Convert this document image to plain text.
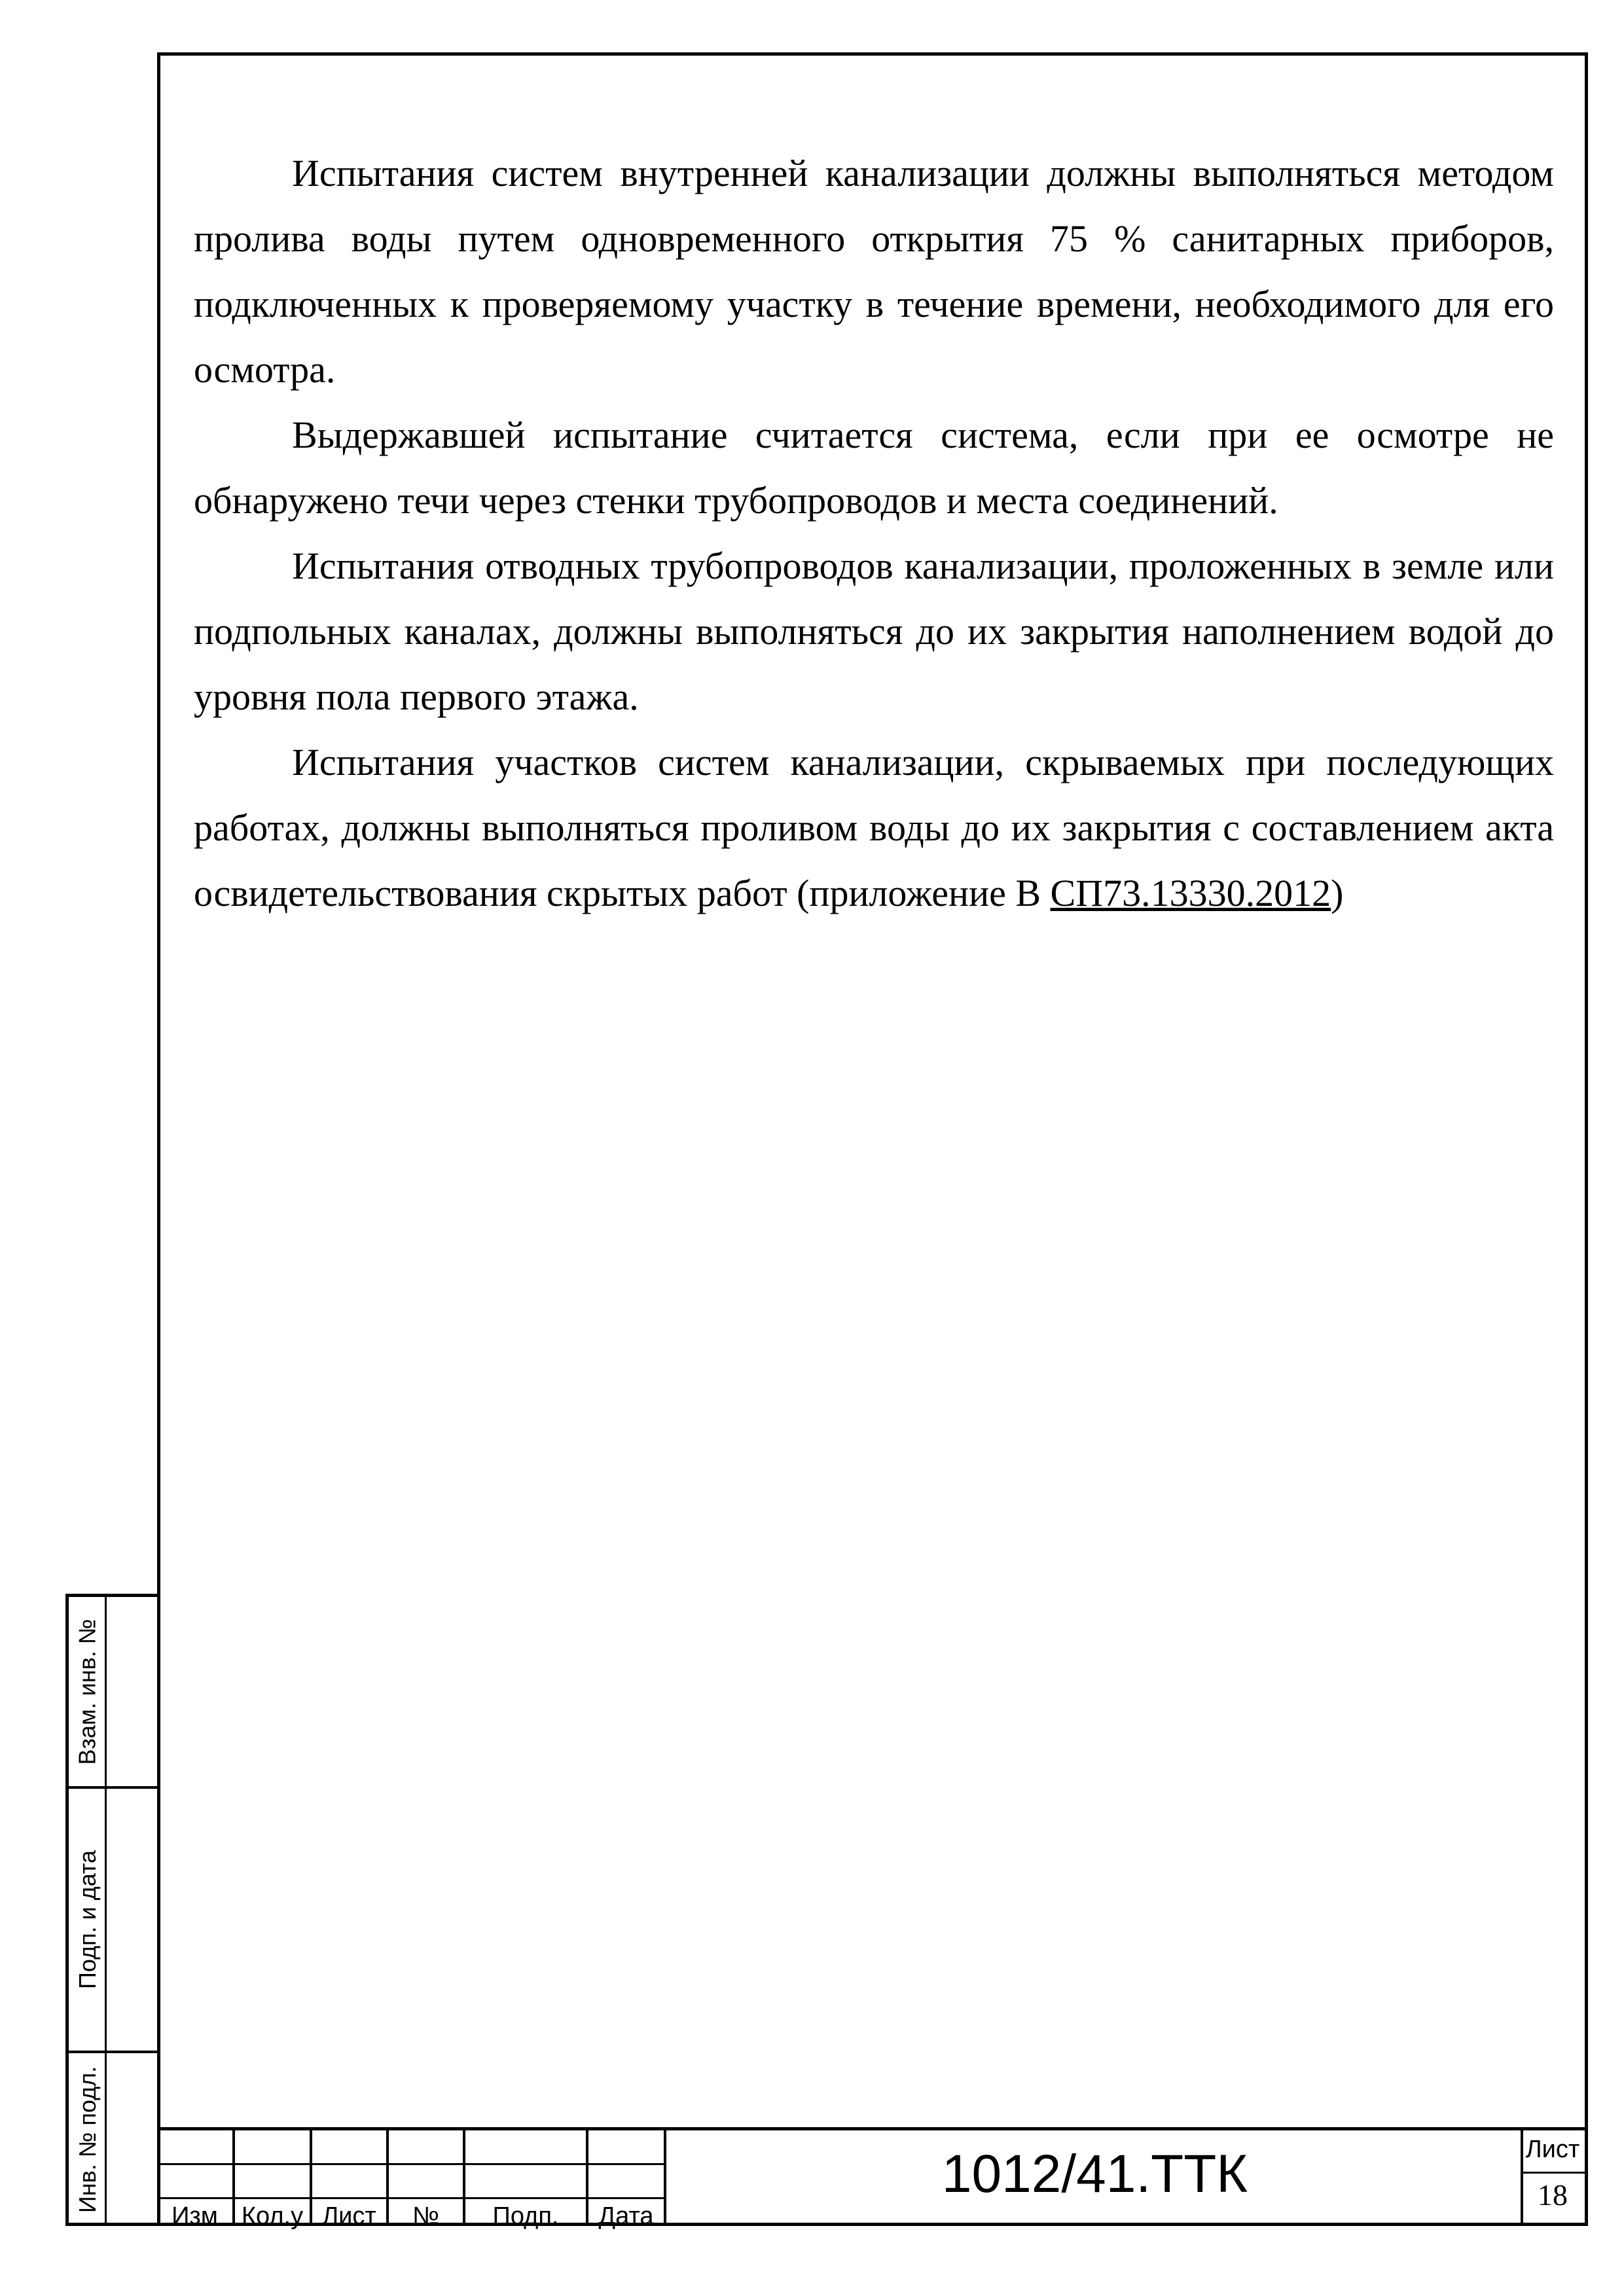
Испытания систем внутренней канализации должны выполняться методом пролива воды путем одновременного открытия 75 % санитарных приборов, подключенных к проверяемому участку в течение времени, необходимого для его осмотра.

Выдержавшей испытание считается система, если при ее осмотре не обнаружено течи через стенки трубопроводов и места соединений.

Испытания отводных трубопроводов канализации, проложенных в земле или подпольных каналах, должны выполняться до их закрытия наполнением водой до уровня пола первого этажа.

Испытания участков систем канализации, скрываемых при последующих работах, должны выполняться проливом воды до их закрытия с составлением акта освидетельствования скрытых работ (приложение В СП73.13330.2012)

Взам. инв. №
Подп. и дата
Инв. № подл.
Изм Кол.у Лист	№	Подп.	Дата
1012/41.ТТК	Лист
18
